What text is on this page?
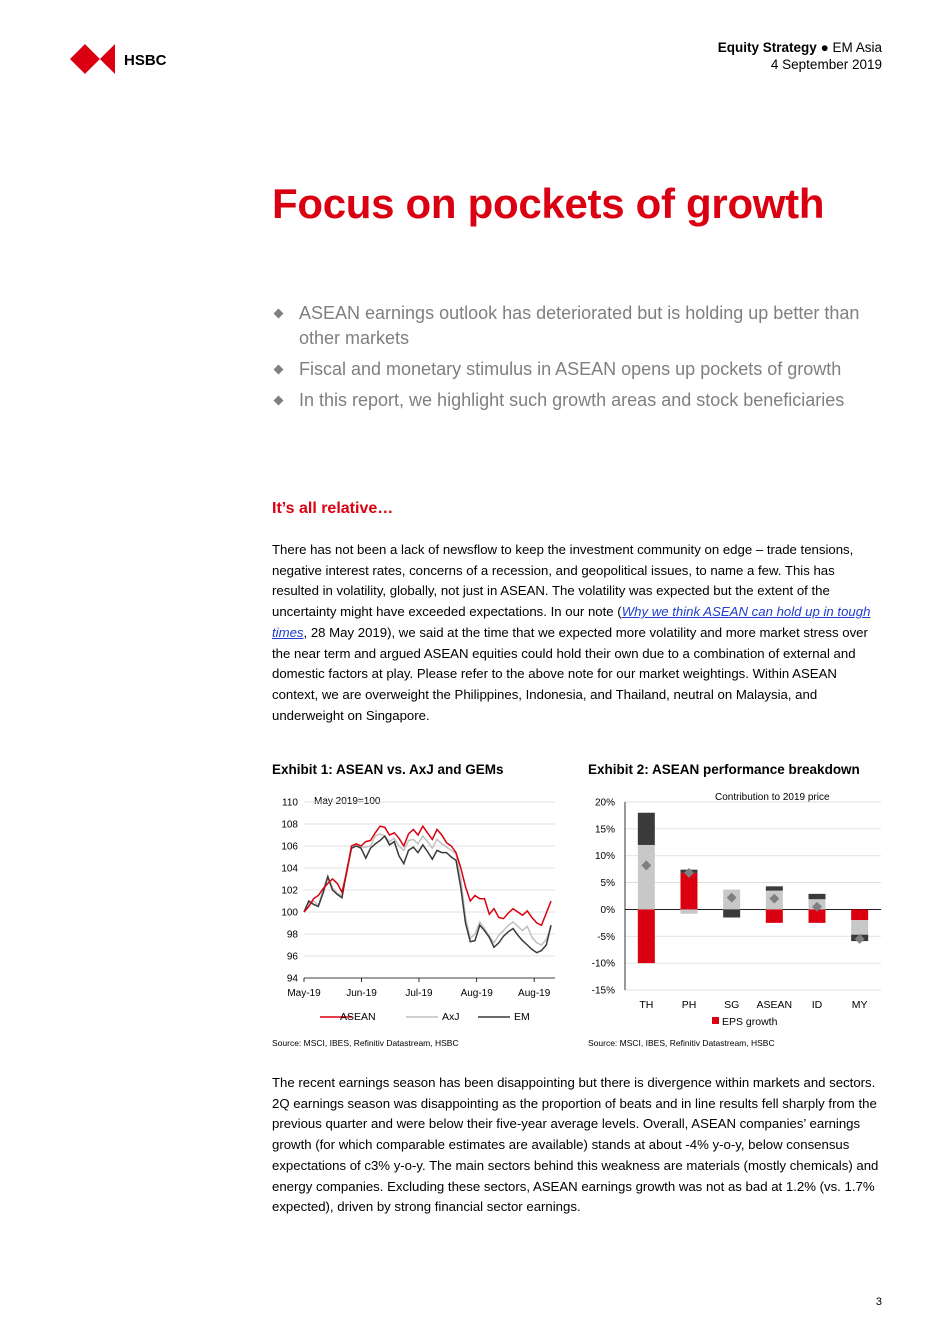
HSBC
Equity Strategy ● EM Asia
4 September 2019
Focus on pockets of growth
ASEAN earnings outlook has deteriorated but is holding up better than other markets
Fiscal and monetary stimulus in ASEAN opens up pockets of growth
In this report, we highlight such growth areas and stock beneficiaries
It’s all relative…
There has not been a lack of newsflow to keep the investment community on edge – trade tensions, negative interest rates, concerns of a recession, and geopolitical issues, to name a few. This has resulted in volatility, globally, not just in ASEAN. The volatility was expected but the extent of the uncertainty might have exceeded expectations. In our note (Why we think ASEAN can hold up in tough times, 28 May 2019), we said at the time that we expected more volatility and more market stress over the near term and argued ASEAN equities could hold their own due to a combination of external and domestic factors at play. Please refer to the above note for our market weightings. Within ASEAN context, we are overweight the Philippines, Indonesia, and Thailand, neutral on Malaysia, and underweight on Singapore.
Exhibit 1: ASEAN vs. AxJ and GEMs	Exhibit 2: ASEAN performance breakdown
May 2019=100
94
96
98
100
102
104
106
108
110
May-19	Jun-19	Jul-19	Aug-19	Aug-19
ASEAN	AxJ	EM
Contribution to 2019 price
-15%
-10%
-5%
0%
5%
10%
15%
20%
TH	PH	SG ASEAN ID	MY
EPS growth
Source: MSCI, IBES, Refinitiv Datastream, HSBC	Source: MSCI, IBES, Refinitiv Datastream, HSBC
The recent earnings season has been disappointing but there is divergence within markets and sectors. 2Q earnings season was disappointing as the proportion of beats and in line results fell sharply from the previous quarter and were below their five-year average levels. Overall, ASEAN companies’ earnings growth (for which comparable estimates are available) stands at about -4% y-o-y, below consensus expectations of c3% y-o-y. The main sectors behind this weakness are materials (mostly chemicals) and energy companies. Excluding these sectors, ASEAN earnings growth was not as bad at 1.2% (vs. 1.7% expected), driven by strong financial sector earnings.
3
